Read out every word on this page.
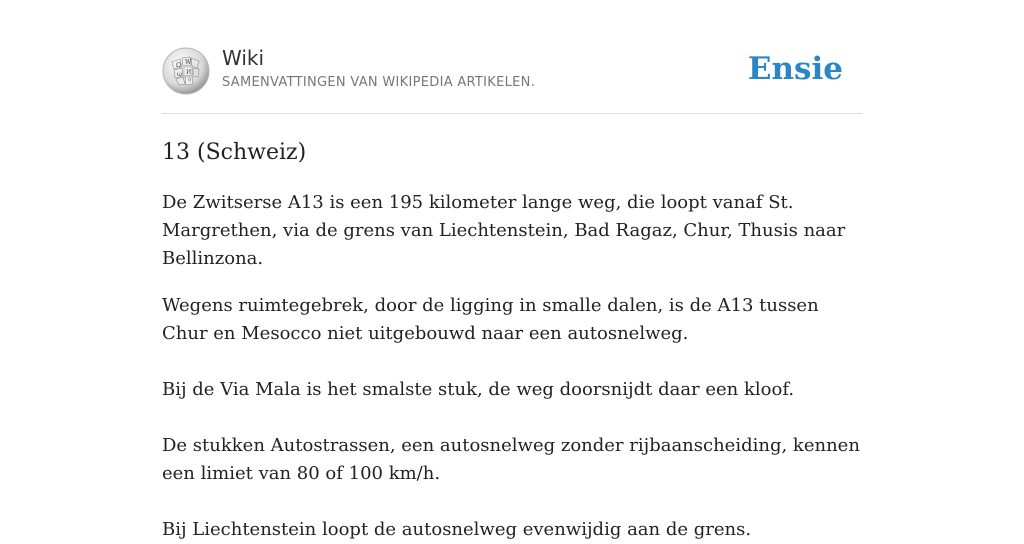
Ω W
И
ω
ウ
Wiki
SAMENVATTINGEN VAN WIKIPEDIA ARTIKELEN.	Ensie
13 (Schweiz)

De Zwitserse A13 is een 195 kilometer lange weg, die loopt vanaf St. Margrethen, via de grens van Liechtenstein, Bad Ragaz, Chur, Thusis naar Bellinzona.

Wegens ruimtegebrek, door de ligging in smalle dalen, is de A13 tussen Chur en Mesocco niet uitgebouwd naar een autosnelweg.

Bij de Via Mala is het smalste stuk, de weg doorsnijdt daar een kloof.

De stukken Autostrassen, een autosnelweg zonder rijbaanscheiding, kennen een limiet van 80 of 100 km/h.

Bij Liechtenstein loopt de autosnelweg evenwijdig aan de grens.
